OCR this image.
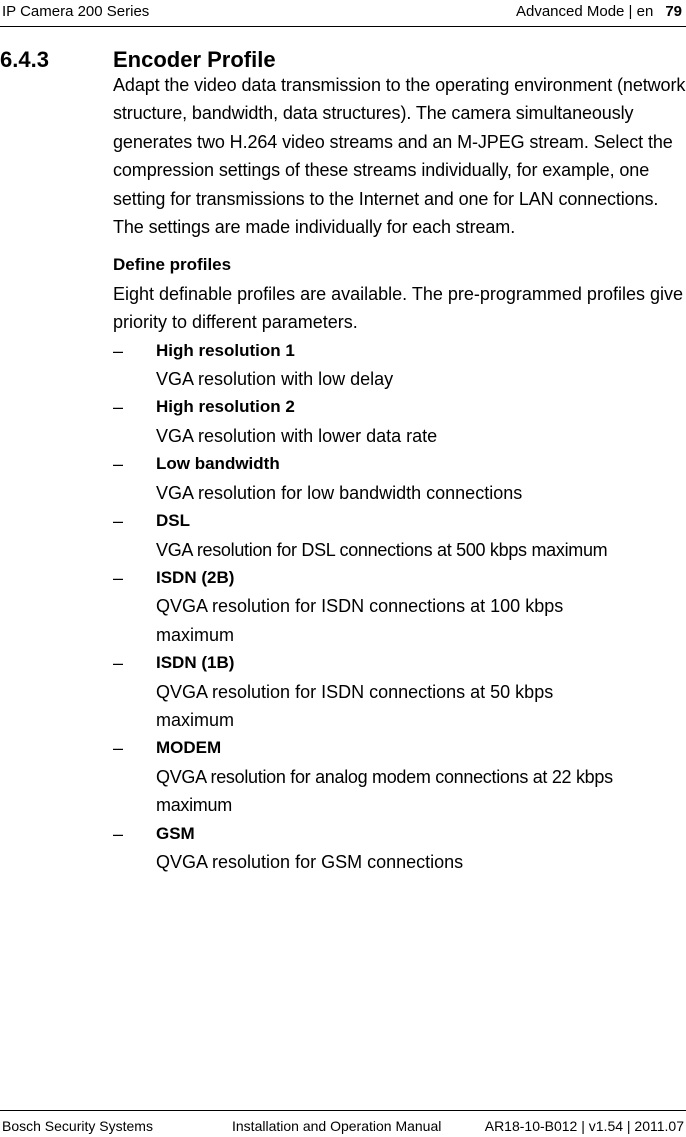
IP Camera 200 Series	Advanced Mode | en 79
6.4.3	Encoder Profile

Adapt the video data transmission to the operating environment (network structure, bandwidth, data structures). The camera simultaneously generates two H.264 video streams and an M-JPEG stream. Select the compression settings of these streams individually, for example, one setting for transmissions to the Internet and one for LAN connections. The settings are made individually for each stream.

Define profiles

Eight definable profiles are available. The pre-programmed profiles give priority to different parameters.

– High resolution 1
VGA resolution with low delay
– High resolution 2
VGA resolution with lower data rate
– Low bandwidth
VGA resolution for low bandwidth connections
– DSL
VGA resolution for DSL connections at 500 kbps maximum
– ISDN (2B)
QVGA resolution for ISDN connections at 100 kbps maximum
– ISDN (1B)
QVGA resolution for ISDN connections at 50 kbps maximum
– MODEM
QVGA resolution for analog modem connections at 22 kbps maximum
– GSM
QVGA resolution for GSM connections
Bosch Security Systems	Installation and Operation Manual	AR18-10-B012 | v1.54 | 2011.07
